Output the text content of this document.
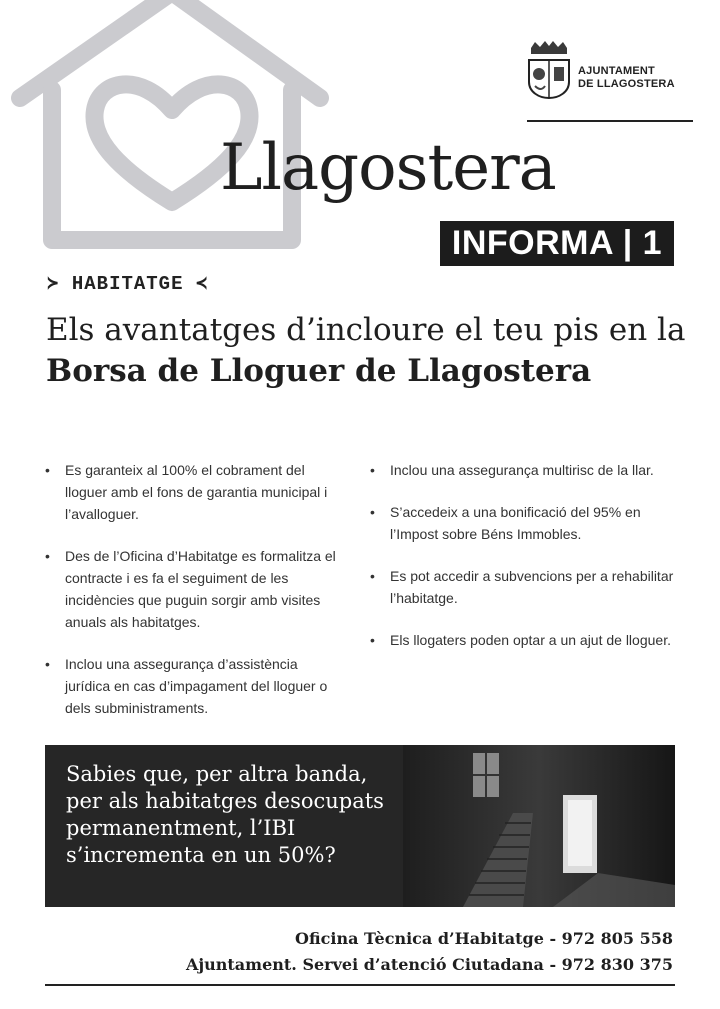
AJUNTAMENT
DE LLAGOSTERA
Llagostera
INFORMA | 1
≻ HABITATGE ≺
Els avantatges d’incloure el teu pis en la Borsa de Lloguer de Llagostera
• Es garanteix al 100% el cobrament del lloguer amb el fons de garantia municipal i l’avalloguer.
• Des de l’Oficina d’Habitatge es formalitza el contracte i es fa el seguiment de les incidències que puguin sorgir amb visites anuals als habitatges.
• Inclou una assegurança d’assistència jurídica en cas d’impagament del lloguer o dels subministraments.
• Inclou una assegurança multirisc de la llar.
• S’accedeix a una bonificació del 95% en l’Impost sobre Béns Immobles.
• Es pot accedir a subvencions per a rehabilitar l’habitatge.
• Els llogaters poden optar a un ajut de lloguer.
Sabies que, per altra banda, per als habitatges desocupats permanentment, l’IBI s’incrementa en un 50%?
Oficina Tècnica d’Habitatge - 972 805 558
Ajuntament. Servei d’atenció Ciutadana - 972 830 375
